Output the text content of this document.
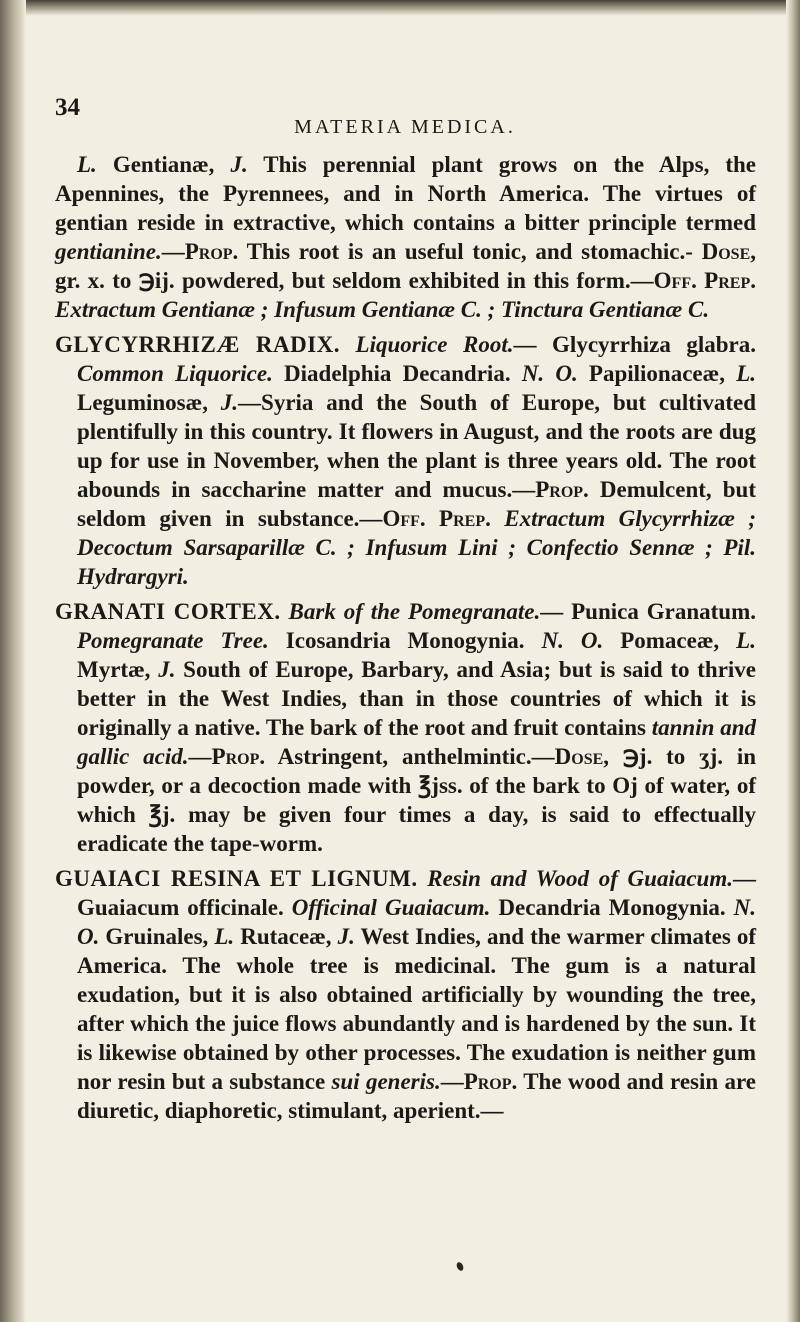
34
MATERIA MEDICA.

L. Gentianæ, J. This perennial plant grows on the Alps, the Apennines, the Pyrennees, and in North America. The virtues of gentian reside in extractive, which contains a bitter principle termed gentianine.—Prop. This root is an useful tonic, and stomachic.- Dose, gr. x. to ℈ij. powdered, but seldom exhibited in this form.—Off. Prep. Extractum Gentianæ ; Infusum Gentianæ C. ; Tinctura Gentianæ C.

GLYCYRRHIZÆ RADIX. Liquorice Root.— Glycyrrhiza glabra. Common Liquorice. Diadelphia Decandria. N. O. Papilionaceæ, L. Leguminosæ, J.—Syria and the South of Europe, but cultivated plentifully in this country. It flowers in August, and the roots are dug up for use in November, when the plant is three years old. The root abounds in saccharine matter and mucus.—Prop. Demulcent, but seldom given in substance.—Off. Prep. Extractum Glycyrrhizæ ; Decoctum Sarsaparillæ C. ; Infusum Lini ; Confectio Sennæ ; Pil. Hydrargyri.

GRANATI CORTEX. Bark of the Pomegranate.— Punica Granatum. Pomegranate Tree. Icosandria Monogynia. N. O. Pomaceæ, L. Myrtæ, J. South of Europe, Barbary, and Asia; but is said to thrive better in the West Indies, than in those countries of which it is originally a native. The bark of the root and fruit contains tannin and gallic acid.—Prop. Astringent, anthelmintic.—Dose, ℈j. to ʒj. in powder, or a decoction made with ℥jss. of the bark to Oj of water, of which ℥j. may be given four times a day, is said to effectually eradicate the tape-worm.

GUAIACI RESINA ET LIGNUM. Resin and Wood of Guaiacum.—Guaiacum officinale. Officinal Guaiacum. Decandria Monogynia. N. O. Gruinales, L. Rutaceæ, J. West Indies, and the warmer climates of America. The whole tree is medicinal. The gum is a natural exudation, but it is also obtained artificially by wounding the tree, after which the juice flows abundantly and is hardened by the sun. It is likewise obtained by other processes. The exudation is neither gum nor resin but a substance sui generis.—Prop. The wood and resin are diuretic, diaphoretic, stimulant, aperient.—
